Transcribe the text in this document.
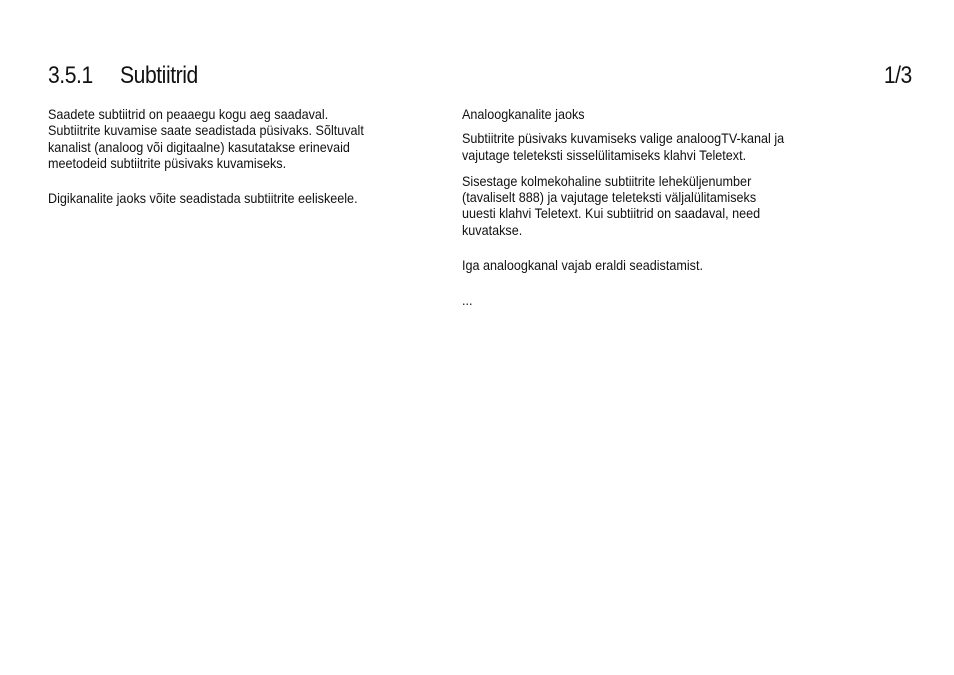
3.5.1 Subtiitrid	1/3

Saadete subtiitrid on peaaegu kogu aeg saadaval.

Subtiitrite kuvamise saate seadistada püsivaks. Sõltuvalt

kanalist (analoog või digitaalne) kasutatakse erinevaid

meetodeid subtiitrite püsivaks kuvamiseks.

Digikanalite jaoks võite seadistada subtiitrite eeliskeele.

Analoogkanalite jaoks

Subtiitrite püsivaks kuvamiseks valige analoogTV-kanal ja

vajutage teleteksti sisselülitamiseks klahvi Teletext.

Sisestage kolmekohaline subtiitrite leheküljenumber

(tavaliselt 888) ja vajutage teleteksti väljalülitamiseks

uuesti klahvi Teletext. Kui subtiitrid on saadaval, need

kuvatakse.

Iga analoogkanal vajab eraldi seadistamist.

...
